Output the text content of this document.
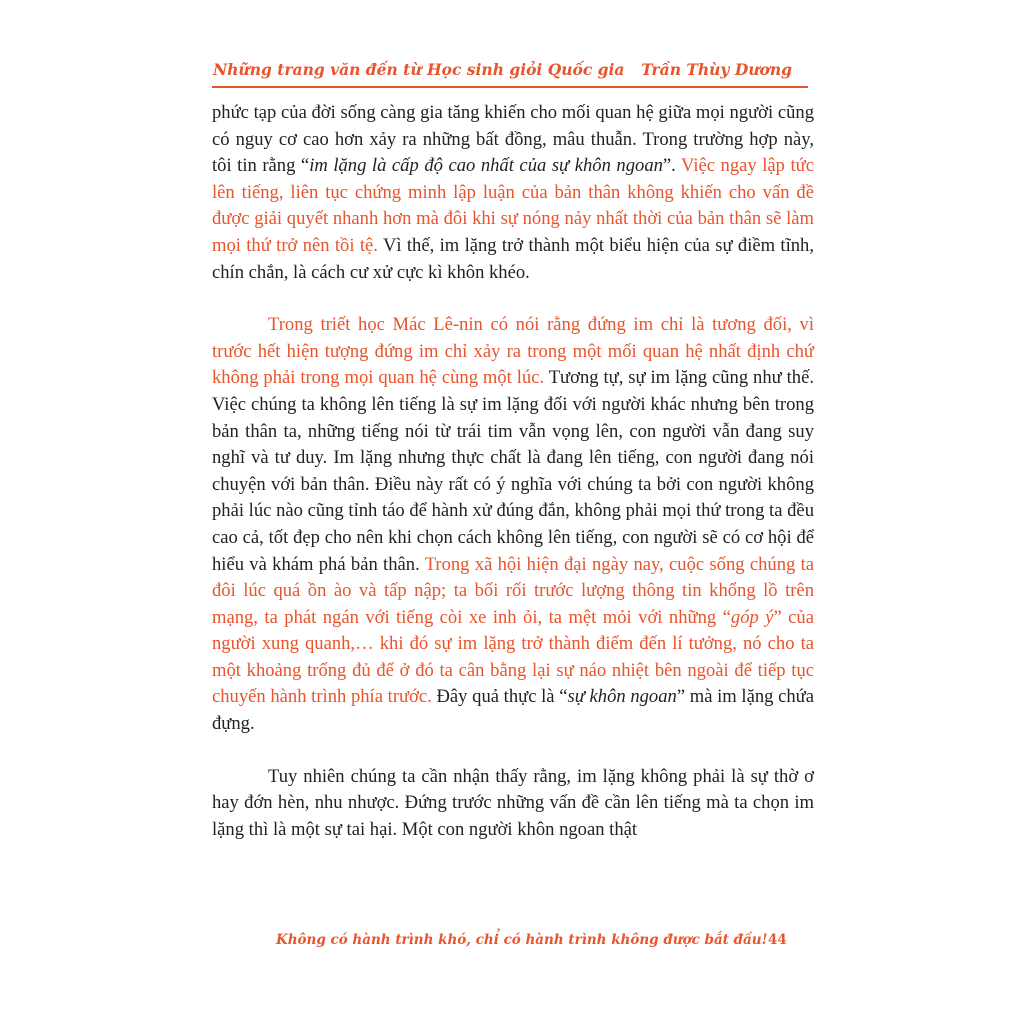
Những trang văn đến từ Học sinh giỏi Quốc gia Trần Thùy Dương

phức tạp của đời sống càng gia tăng khiến cho mối quan hệ giữa mọi người cũng có nguy cơ cao hơn xảy ra những bất đồng, mâu thuẫn. Trong trường hợp này, tôi tin rằng “im lặng là cấp độ cao nhất của sự khôn ngoan”. Việc ngay lập tức lên tiếng, liên tục chứng minh lập luận của bản thân không khiến cho vấn đề được giải quyết nhanh hơn mà đôi khi sự nóng nảy nhất thời của bản thân sẽ làm mọi thứ trở nên tồi tệ. Vì thế, im lặng trở thành một biểu hiện của sự điềm tĩnh, chín chắn, là cách cư xử cực kì khôn khéo.

Trong triết học Mác Lê-nin có nói rằng đứng im chỉ là tương đối, vì trước hết hiện tượng đứng im chỉ xảy ra trong một mối quan hệ nhất định chứ không phải trong mọi quan hệ cùng một lúc. Tương tự, sự im lặng cũng như thế. Việc chúng ta không lên tiếng là sự im lặng đối với người khác nhưng bên trong bản thân ta, những tiếng nói từ trái tim vẫn vọng lên, con người vẫn đang suy nghĩ và tư duy. Im lặng nhưng thực chất là đang lên tiếng, con người đang nói chuyện với bản thân. Điều này rất có ý nghĩa với chúng ta bởi con người không phải lúc nào cũng tỉnh táo để hành xử đúng đắn, không phải mọi thứ trong ta đều cao cả, tốt đẹp cho nên khi chọn cách không lên tiếng, con người sẽ có cơ hội để hiểu và khám phá bản thân. Trong xã hội hiện đại ngày nay, cuộc sống chúng ta đôi lúc quá ồn ào và tấp nập; ta bối rối trước lượng thông tin khổng lồ trên mạng, ta phát ngán với tiếng còi xe inh ỏi, ta mệt mỏi với những “góp ý” của người xung quanh,… khi đó sự im lặng trở thành điểm đến lí tưởng, nó cho ta một khoảng trống đủ để ở đó ta cân bằng lại sự náo nhiệt bên ngoài để tiếp tục chuyến hành trình phía trước. Đây quả thực là “sự khôn ngoan” mà im lặng chứa đựng.

Tuy nhiên chúng ta cần nhận thấy rằng, im lặng không phải là sự thờ ơ hay đớn hèn, nhu nhược. Đứng trước những vấn đề cần lên tiếng mà ta chọn im lặng thì là một sự tai hại. Một con người khôn ngoan thật

Không có hành trình khó, chỉ có hành trình không được bắt đầu! 44
